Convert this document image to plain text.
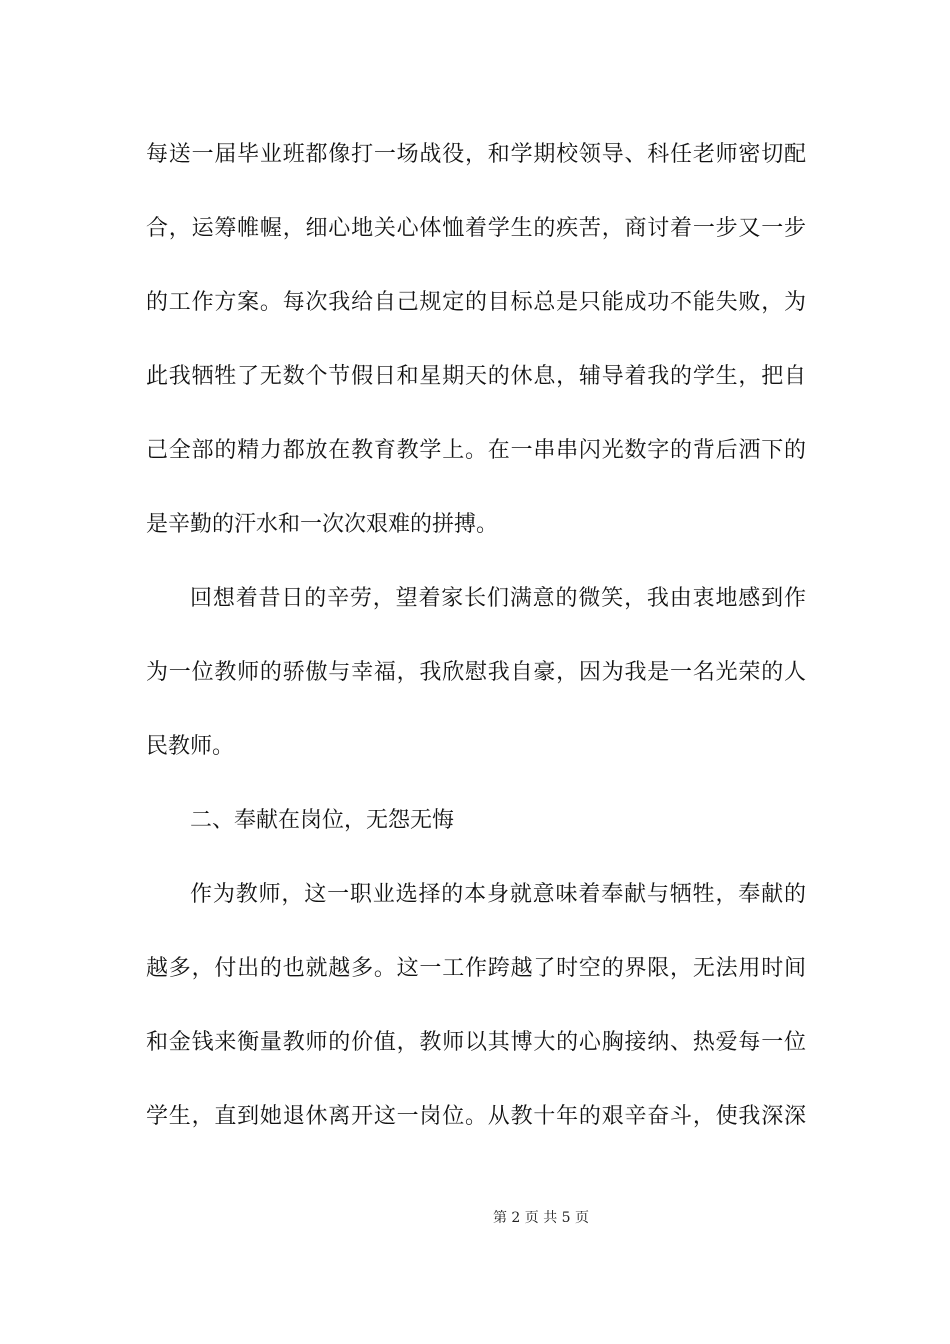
每送一届毕业班都像打一场战役，和学期校领导、科任老师密切配
合，运筹帷幄，细心地关心体恤着学生的疾苦，商讨着一步又一步
的工作方案。每次我给自己规定的目标总是只能成功不能失败，为
此我牺牲了无数个节假日和星期天的休息，辅导着我的学生，把自
己全部的精力都放在教育教学上。在一串串闪光数字的背后洒下的
是辛勤的汗水和一次次艰难的拼搏。
回想着昔日的辛劳，望着家长们满意的微笑，我由衷地感到作
为一位教师的骄傲与幸福，我欣慰我自豪，因为我是一名光荣的人
民教师。
二、奉献在岗位，无怨无悔
作为教师，这一职业选择的本身就意味着奉献与牺牲，奉献的
越多，付出的也就越多。这一工作跨越了时空的界限，无法用时间
和金钱来衡量教师的价值，教师以其博大的心胸接纳、热爱每一位
学生，直到她退休离开这一岗位。从教十年的艰辛奋斗，使我深深
第 2 页 共 5 页
